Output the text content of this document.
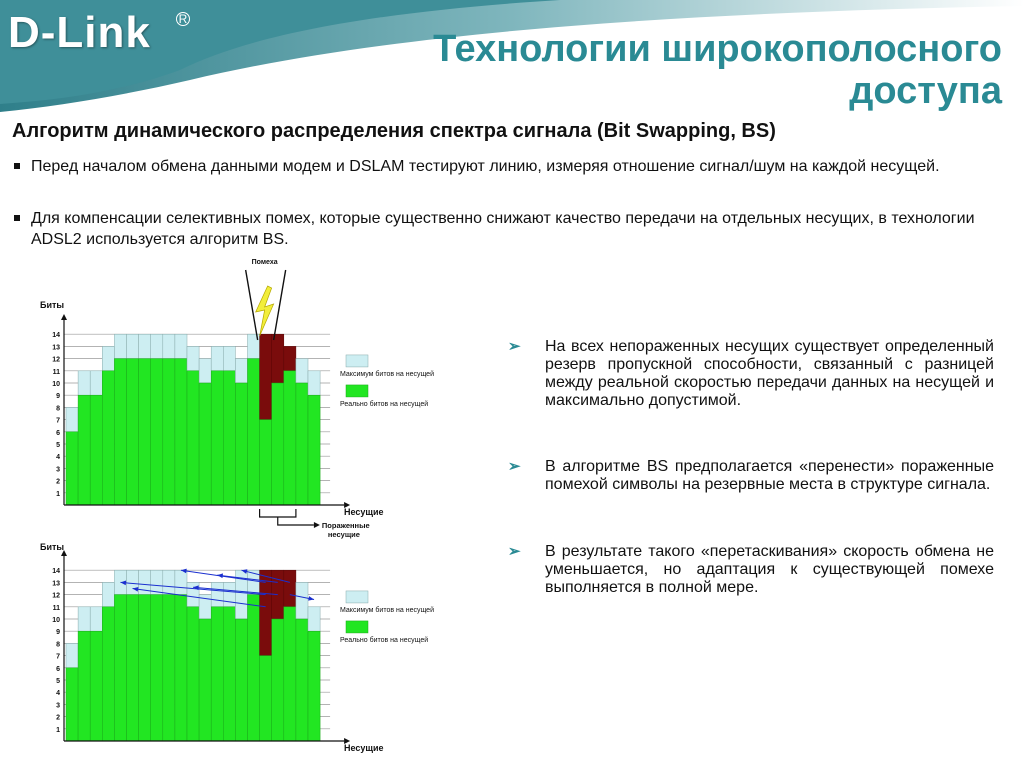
D-Link R
Технологии широкополосного
доступа
Алгоритм динамического распределения спектра сигнала (Bit Swapping, BS)
Перед началом обмена данными модем и DSLAM тестируют линию, измеряя отношение сигнал/шум на каждой несущей.
Для компенсации селективных помех, которые существенно снижают качество передачи на отдельных несущих, в технологии ADSL2 используется алгоритм BS.
Биты
1
2
3
4
5
6
7
8
9
10
11
12
13
14
Несущие
Максимум битов на несущей
Реально битов на несущей
Помеха
Пораженные
несущие
Биты
1
2
3
4
5
6
7
8
9
10
11
12
13
14
Несущие
Максимум битов на несущей
Реально битов на несущей
➢ На всех непораженных несущих существует определенный резерв пропускной способности, связанный с разницей между реальной скоростью передачи данных на несущей и максимально допустимой.
➢ В алгоритме BS предполагается «перенести» пораженные помехой символы на резервные места в структуре сигнала.
➢ В результате такого «перетаскивания» скорость обмена не уменьшается, но адаптация к существующей помехе выполняется в полной мере.
